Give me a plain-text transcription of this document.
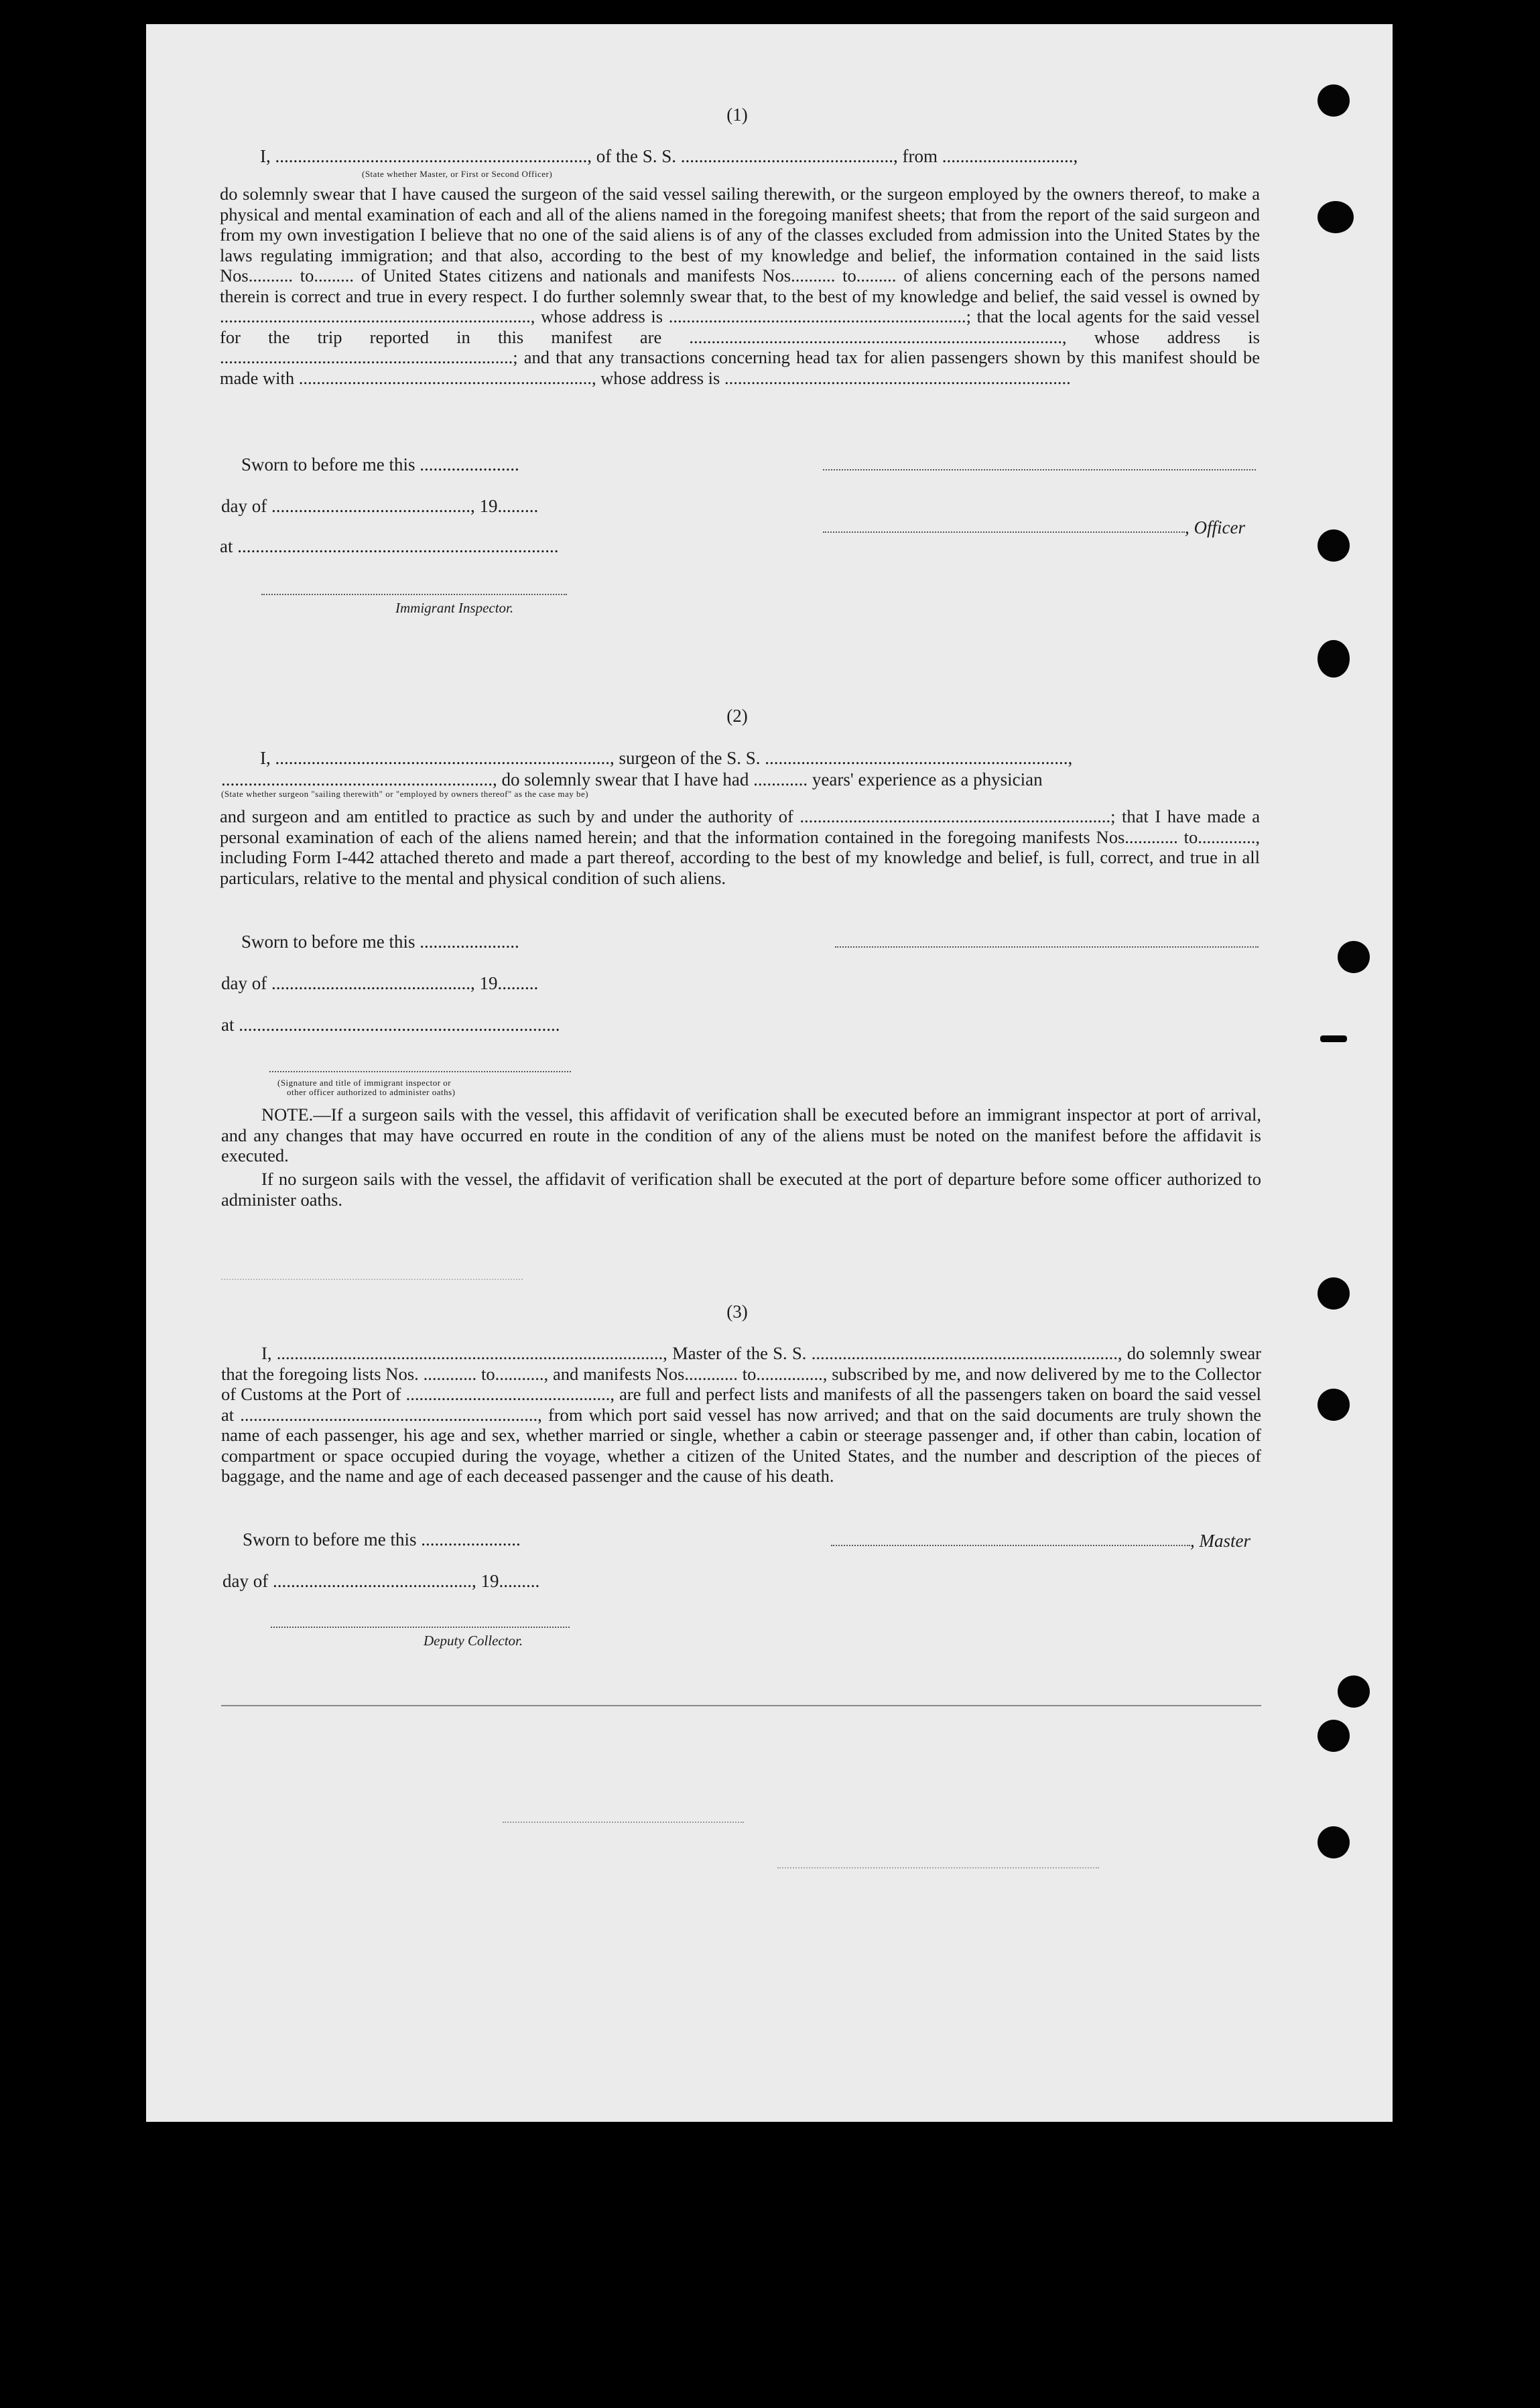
(1)
I, ....................................................................., of the S. S. ..............................................., from .............................,
(State whether Master, or First or Second Officer)
do solemnly swear that I have caused the surgeon of the said vessel sailing therewith, or the surgeon employed by the owners thereof, to make a physical and mental examination of each and all of the aliens named in the foregoing manifest sheets; that from the report of the said surgeon and from my own investigation I believe that no one of the said aliens is of any of the classes excluded from admission into the United States by the laws regulating immigration; and that also, according to the best of my knowledge and belief, the information contained in the said lists Nos.......... to......... of United States citizens and nationals and manifests Nos.......... to......... of aliens concerning each of the persons named therein is correct and true in every respect. I do further solemnly swear that, to the best of my knowledge and belief, the said vessel is owned by ......................................................................, whose address is ...................................................................; that the local agents for the said vessel for the trip reported in this manifest are ...................................................................................., whose address is ..................................................................; and that any transactions concerning head tax for alien passengers shown by this manifest should be made with .................................................................., whose address is ..............................................................................
Sworn to before me this ......................
day of ............................................, 19.........
, Officer
at .......................................................................
Immigrant Inspector.
(2)
I, .........................................................................., surgeon of the S. S. ...................................................................,
............................................................, do solemnly swear that I have had ............ years' experience as a physician
(State whether surgeon "sailing therewith" or "employed by owners thereof" as the case may be)
and surgeon and am entitled to practice as such by and under the authority of ......................................................................; that I have made a personal examination of each of the aliens named herein; and that the information contained in the foregoing manifests Nos............ to............., including Form I-442 attached thereto and made a part thereof, according to the best of my knowledge and belief, is full, correct, and true in all particulars, relative to the mental and physical condition of such aliens.
Sworn to before me this ......................
day of ............................................, 19.........
at .......................................................................
(Signature and title of immigrant inspector or
other officer authorized to administer oaths)
NOTE.—If a surgeon sails with the vessel, this affidavit of verification shall be executed before an immigrant inspector at port of arrival, and any changes that may have occurred en route in the condition of any of the aliens must be noted on the manifest before the affidavit is executed.
If no surgeon sails with the vessel, the affidavit of verification shall be executed at the port of departure before some officer authorized to administer oaths.
(3)
I, ......................................................................................., Master of the S. S. ....................................................................., do solemnly swear that the foregoing lists Nos. ............ to..........., and manifests Nos............ to..............., subscribed by me, and now delivered by me to the Collector of Customs at the Port of .............................................., are full and perfect lists and manifests of all the passengers taken on board the said vessel at ..................................................................., from which port said vessel has now arrived; and that on the said documents are truly shown the name of each passenger, his age and sex, whether married or single, whether a cabin or steerage passenger and, if other than cabin, location of compartment or space occupied during the voyage, whether a citizen of the United States, and the number and description of the pieces of baggage, and the name and age of each deceased passenger and the cause of his death.
Sworn to before me this ......................	, Master
day of ............................................, 19.........
Deputy Collector.
